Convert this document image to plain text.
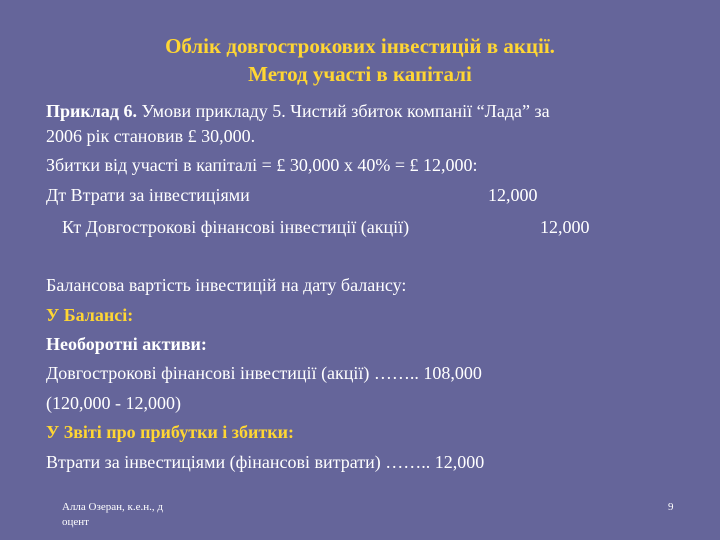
Облік довгострокових інвестицій в акції.
Метод участі в капіталі
Приклад 6. Умови прикладу 5. Чистий збиток компанії “Лада” за
2006 рік становив £ 30,000.
Збитки від участі в капіталі = £ 30,000 х 40% = £ 12,000:
Дт Втрати за інвестиціями	12,000
Кт Довгострокові фінансові інвестиції (акції)	12,000
Балансова вартість інвестицій на дату балансу:
У Балансі:
Необоротні активи:
Довгострокові фінансові інвестиції (акції) …….. 108,000
(120,000 - 12,000)
У Звіті про прибутки і збитки:
Втрати за інвестиціями (фінансові витрати) …….. 12,000
Алла Озеран, к.е.н., д
оцент
9
